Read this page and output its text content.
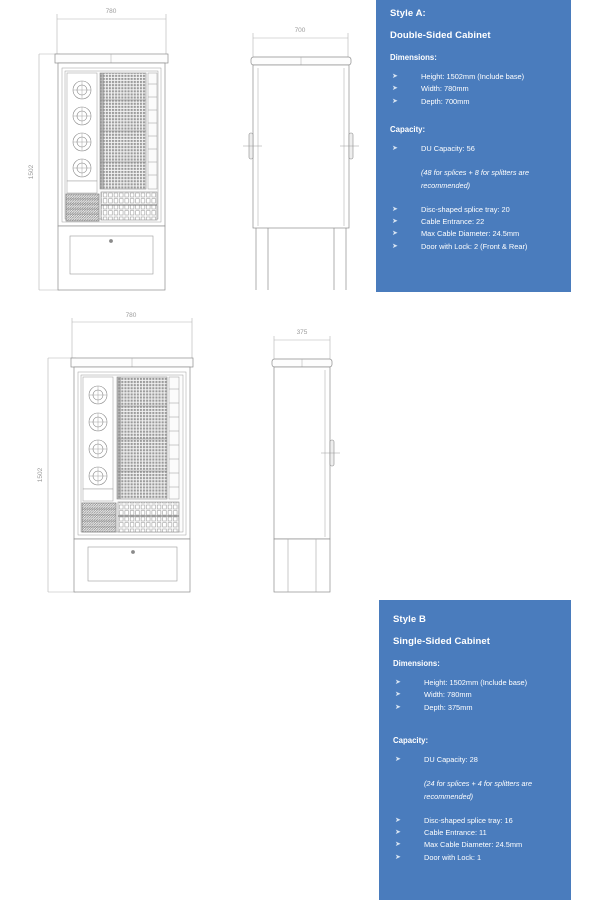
780
1502
700

Style A:

Double-Sided Cabinet

Dimensions:

➤	Height: 1502mm (Include base)
➤	Width: 780mm
➤	Depth: 700mm

Capacity:

➤	DU Capacity: 56

(48 for splices + 8 for splitters are recommended)

➤	Disc-shaped splice tray: 20
➤	Cable Entrance: 22
➤	Max Cable Diameter: 24.5mm
➤	Door with Lock: 2 (Front & Rear)
780
1502
375

Style B

Single-Sided Cabinet

Dimensions:

➤	Height: 1502mm (Include base)
➤	Width: 780mm
➤	Depth: 375mm

Capacity:

➤	DU Capacity: 28

(24 for splices + 4 for splitters are recommended)

➤	Disc-shaped splice tray: 16
➤	Cable Entrance: 11
➤	Max Cable Diameter: 24.5mm
➤	Door with Lock: 1
